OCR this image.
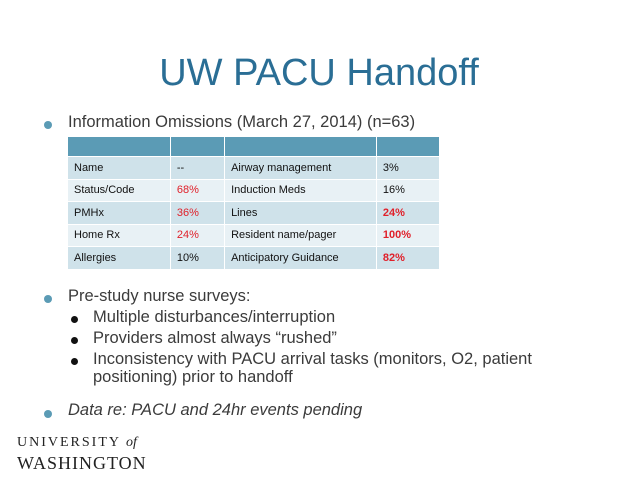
UW PACU Handoff
Information Omissions (March 27, 2014) (n=63)

Name	--	Airway management	3%
Status/Code	68%	Induction Meds	16%
PMHx	36%	Lines	24%
Home Rx	24%	Resident name/pager	100%
Allergies	10%	Anticipatory Guidance	82%
Pre-study nurse surveys:
Multiple disturbances/interruption
Providers almost always “rushed”
Inconsistency with PACU arrival tasks (monitors, O2, patient
positioning) prior to handoff
Data re: PACU and 24hr events pending
UNIVERSITY of
WASHINGTON
